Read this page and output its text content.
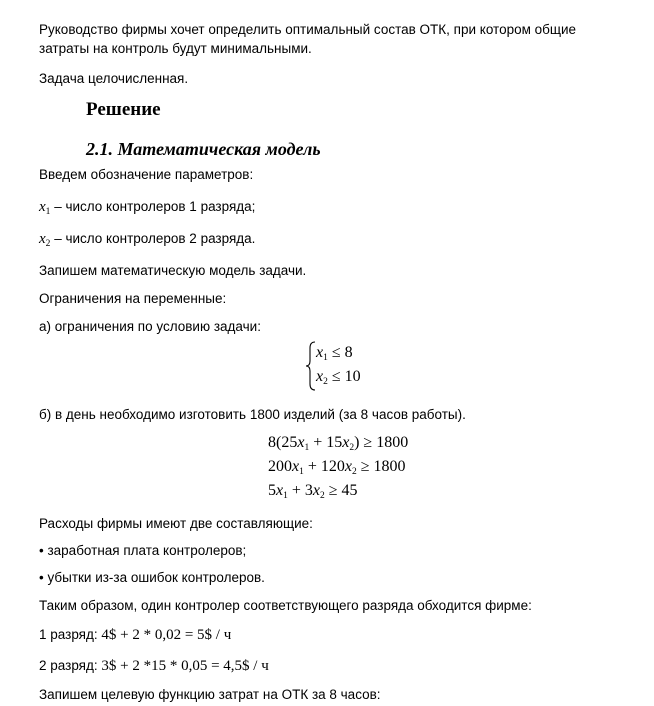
Руководство фирмы хочет определить оптимальный состав ОТК, при котором общие затраты на контроль будут минимальными.
Задача целочисленная.
Решение
2.1. Математическая модель
Введем обозначение параметров:
$x_1$ – число контролеров 1 разряда;
$x_2$ – число контролеров 2 разряда.
Запишем математическую модель задачи.
Ограничения на переменные:
а) ограничения по условию задачи:
$x_1 \le 8$
$x_2 \le 10$
б) в день необходимо изготовить 1800 изделий (за 8 часов работы).
$8(25x_1 + 15x_2) \ge 1800$
$200x_1 + 120x_2 \ge 1800$
$5x_1 + 3x_2 \ge 45$
Расходы фирмы имеют две составляющие:
• заработная плата контролеров;
• убытки из-за ошибок контролеров.
Таким образом, один контролер соответствующего разряда обходится фирме:
1 разряд: 4$ + 2 * 0,02 = 5$ / ч
2 разряд: 3$ + 2 *15 * 0,05 = 4,5$ / ч
Запишем целевую функцию затрат на ОТК за 8 часов:
